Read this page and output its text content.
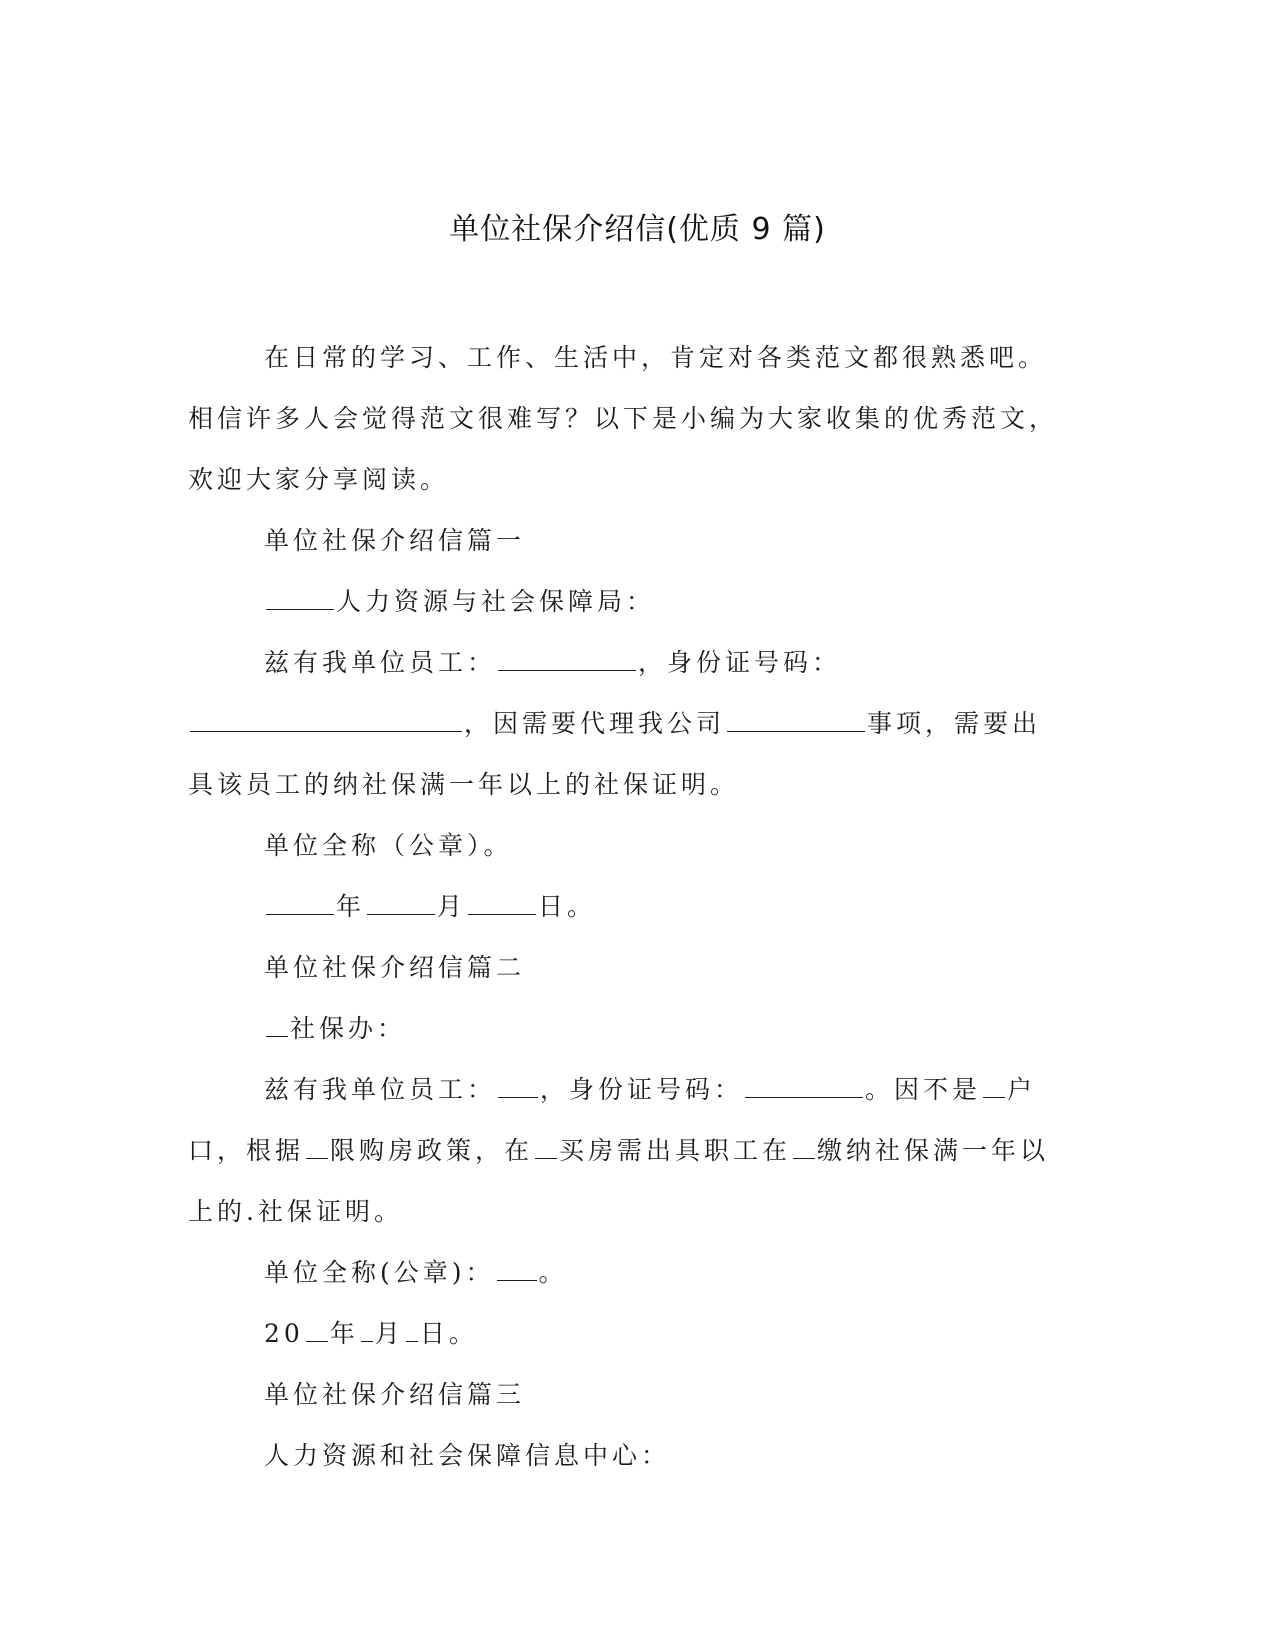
单位社保介绍信(优质 9 篇)

在日常的学习、工作、生活中，肯定对各类范文都很熟悉吧。相信许多人会觉得范文很难写？以下是小编为大家收集的优秀范文，欢迎大家分享阅读。

单位社保介绍信篇一

人力资源与社会保障局：

兹有我单位员工：	，身份证号码：，因需要代理我公司	事项，需要出具该员工的纳社保满一年以上的社保证明。

单位全称（公章）。

年	月	日。

单位社保介绍信篇二

社保办：

兹有我单位员工： ，身份证号码：	。因不是 户口，根据 限购房政策，在 买房需出具职工在 缴纳社保满一年以上的.社保证明。

单位全称(公章)： 。

20 年 月 日。

单位社保介绍信篇三

人力资源和社会保障信息中心：
